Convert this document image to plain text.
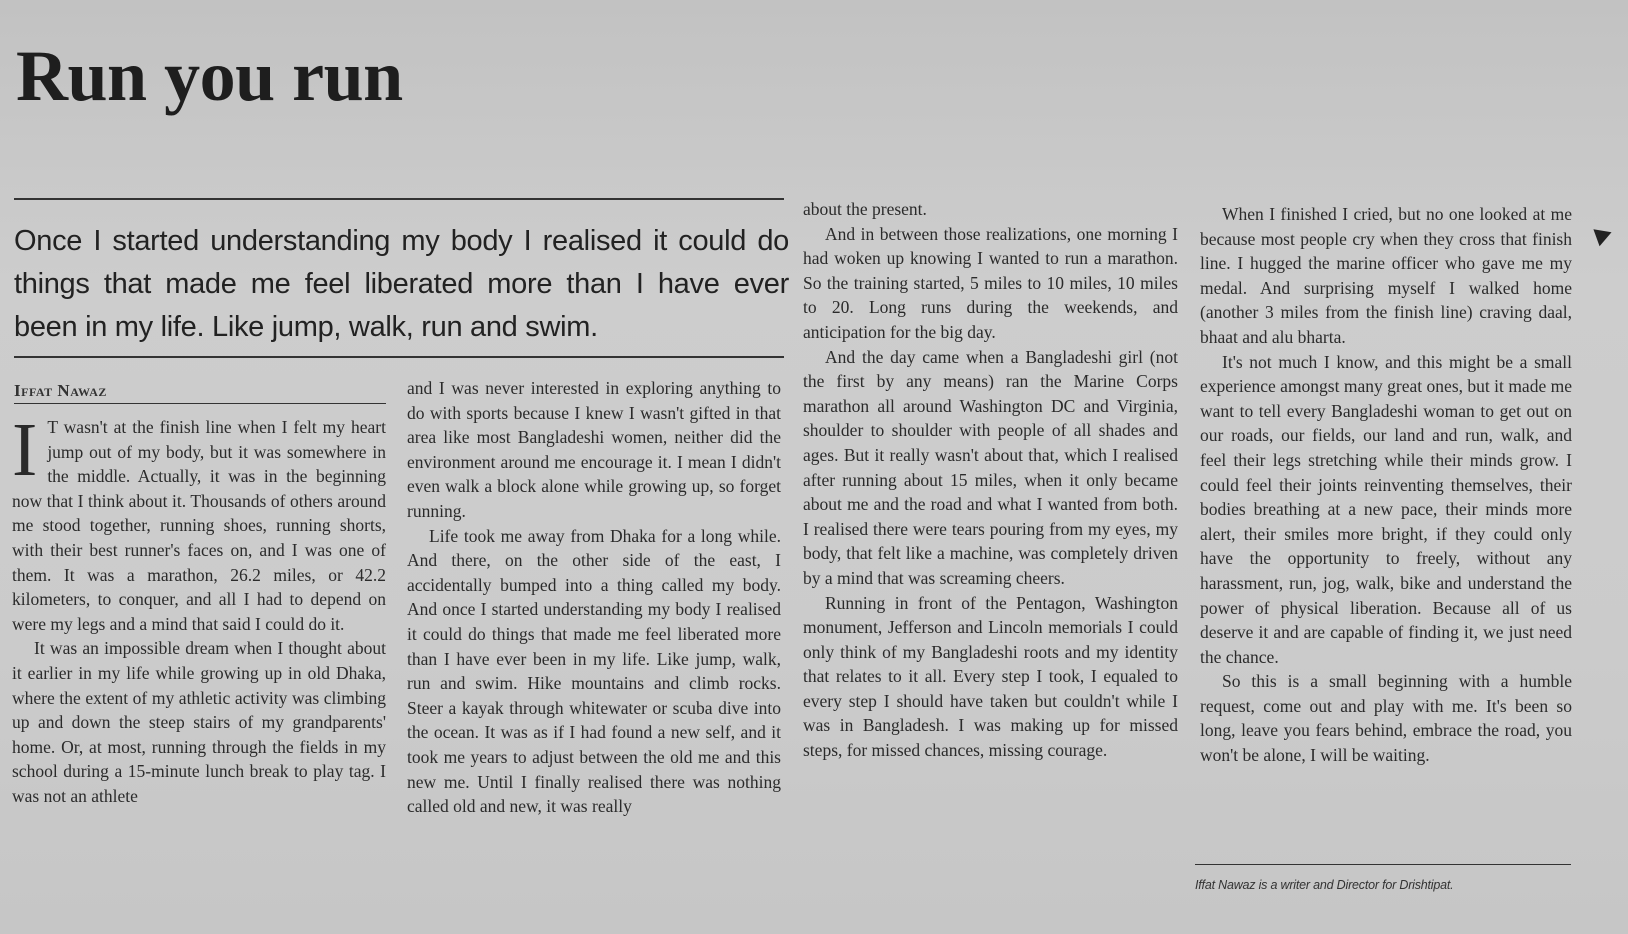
Run you run
Once I started understanding my body I realised it could do things that made me feel liberated more than I have ever been in my life. Like jump, walk, run and swim.
Iffat Nawaz

I T wasn't at the finish line when I felt my heart jump out of my body, but it was somewhere in the middle. Actually, it was in the beginning now that I think about it. Thousands of others around me stood together, running shoes, running shorts, with their best runner's faces on, and I was one of them. It was a marathon, 26.2 miles, or 42.2 kilometers, to conquer, and all I had to depend on were my legs and a mind that said I could do it.

It was an impossible dream when I thought about it earlier in my life while growing up in old Dhaka, where the extent of my athletic activity was climbing up and down the steep stairs of my grandparents' home. Or, at most, running through the fields in my school during a 15-minute lunch break to play tag. I was not an athlete

and I was never interested in exploring anything to do with sports because I knew I wasn't gifted in that area like most Bangladeshi women, neither did the environment around me encourage it. I mean I didn't even walk a block alone while growing up, so forget running.

Life took me away from Dhaka for a long while. And there, on the other side of the east, I accidentally bumped into a thing called my body. And once I started understanding my body I realised it could do things that made me feel liberated more than I have ever been in my life. Like jump, walk, run and swim. Hike mountains and climb rocks. Steer a kayak through whitewater or scuba dive into the ocean. It was as if I had found a new self, and it took me years to adjust between the old me and this new me. Until I finally realised there was nothing called old and new, it was really

about the present.

And in between those realizations, one morning I had woken up knowing I wanted to run a marathon. So the training started, 5 miles to 10 miles, 10 miles to 20. Long runs during the weekends, and anticipation for the big day.

And the day came when a Bangladeshi girl (not the first by any means) ran the Marine Corps marathon all around Washington DC and Virginia, shoulder to shoulder with people of all shades and ages. But it really wasn't about that, which I realised after running about 15 miles, when it only became about me and the road and what I wanted from both. I realised there were tears pouring from my eyes, my body, that felt like a machine, was completely driven by a mind that was screaming cheers.

Running in front of the Pentagon, Washington monument, Jefferson and Lincoln memorials I could only think of my Bangladeshi roots and my identity that relates to it all. Every step I took, I equaled to every step I should have taken but couldn't while I was in Bangladesh. I was making up for missed steps, for missed chances, missing courage.

When I finished I cried, but no one looked at me because most people cry when they cross that finish line. I hugged the marine officer who gave me my medal. And surprising myself I walked home (another 3 miles from the finish line) craving daal, bhaat and alu bharta.

It's not much I know, and this might be a small experience amongst many great ones, but it made me want to tell every Bangladeshi woman to get out on our roads, our fields, our land and run, walk, and feel their legs stretching while their minds grow. I could feel their joints reinventing themselves, their bodies breathing at a new pace, their minds more alert, their smiles more bright, if they could only have the opportunity to freely, without any harassment, run, jog, walk, bike and understand the power of physical liberation. Because all of us deserve it and are capable of finding it, we just need the chance.

So this is a small beginning with a humble request, come out and play with me. It's been so long, leave you fears behind, embrace the road, you won't be alone, I will be waiting.

Iffat Nawaz is a writer and Director for Drishtipat.
